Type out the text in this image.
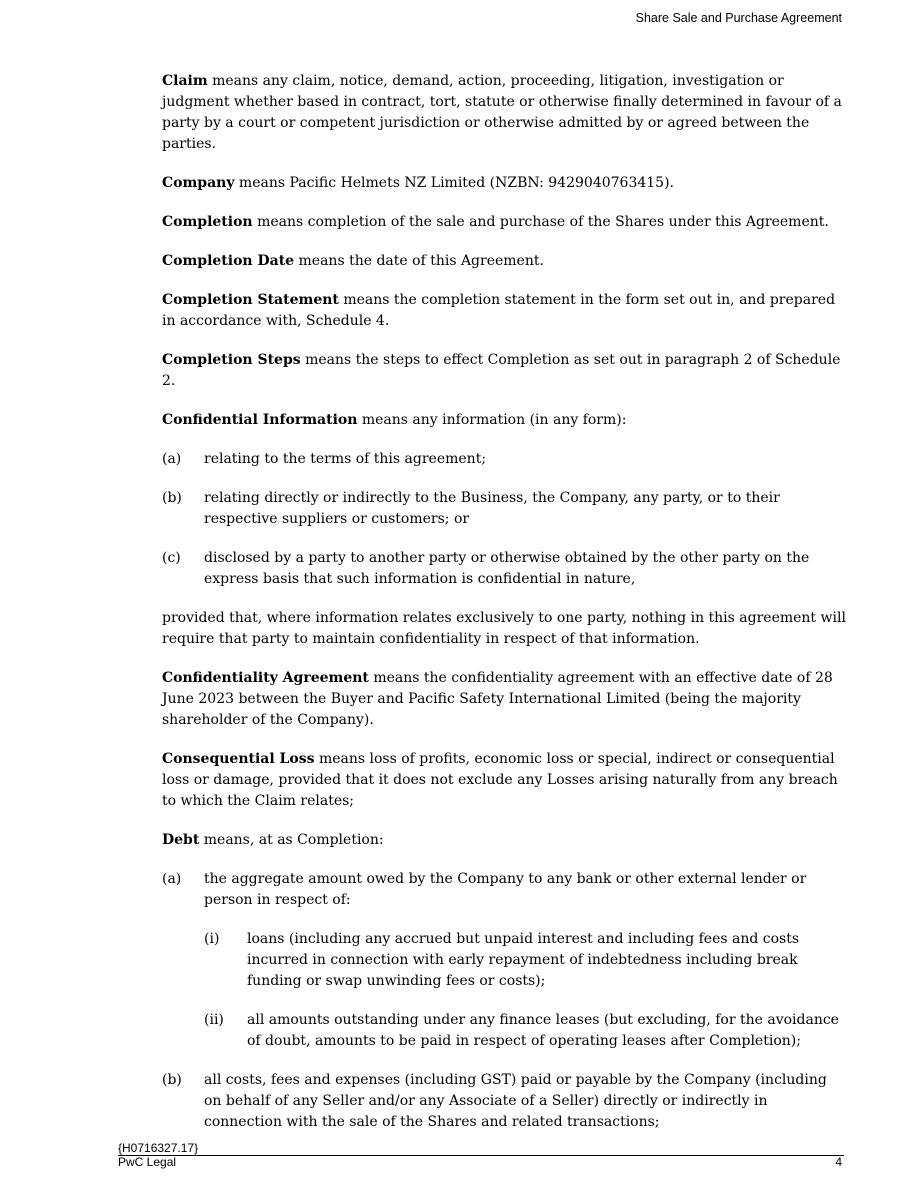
Share Sale and Purchase Agreement

Claim means any claim, notice, demand, action, proceeding, litigation, investigation or judgment whether based in contract, tort, statute or otherwise finally determined in favour of a party by a court or competent jurisdiction or otherwise admitted by or agreed between the parties.

Company means Pacific Helmets NZ Limited (NZBN: 9429040763415).

Completion means completion of the sale and purchase of the Shares under this Agreement.

Completion Date means the date of this Agreement.

Completion Statement means the completion statement in the form set out in, and prepared in accordance with, Schedule 4.

Completion Steps means the steps to effect Completion as set out in paragraph 2 of Schedule 2.

Confidential Information means any information (in any form):

(a)	relating to the terms of this agreement;
(b)	relating directly or indirectly to the Business, the Company, any party, or to their respective suppliers or customers; or
(c)	disclosed by a party to another party or otherwise obtained by the other party on the express basis that such information is confidential in nature,

provided that, where information relates exclusively to one party, nothing in this agreement will require that party to maintain confidentiality in respect of that information.

Confidentiality Agreement means the confidentiality agreement with an effective date of 28 June 2023 between the Buyer and Pacific Safety International Limited (being the majority shareholder of the Company).

Consequential Loss means loss of profits, economic loss or special, indirect or consequential loss or damage, provided that it does not exclude any Losses arising naturally from any breach to which the Claim relates;

Debt means, at as Completion:

(a)	the aggregate amount owed by the Company to any bank or other external lender or person in respect of:
(i)	loans (including any accrued but unpaid interest and including fees and costs incurred in connection with early repayment of indebtedness including break funding or swap unwinding fees or costs);
(ii)	all amounts outstanding under any finance leases (but excluding, for the avoidance of doubt, amounts to be paid in respect of operating leases after Completion);
(b)	all costs, fees and expenses (including GST) paid or payable by the Company (including on behalf of any Seller and/or any Associate of a Seller) directly or indirectly in connection with the sale of the Shares and related transactions;
{H0716327.17}
PwC Legal	4
